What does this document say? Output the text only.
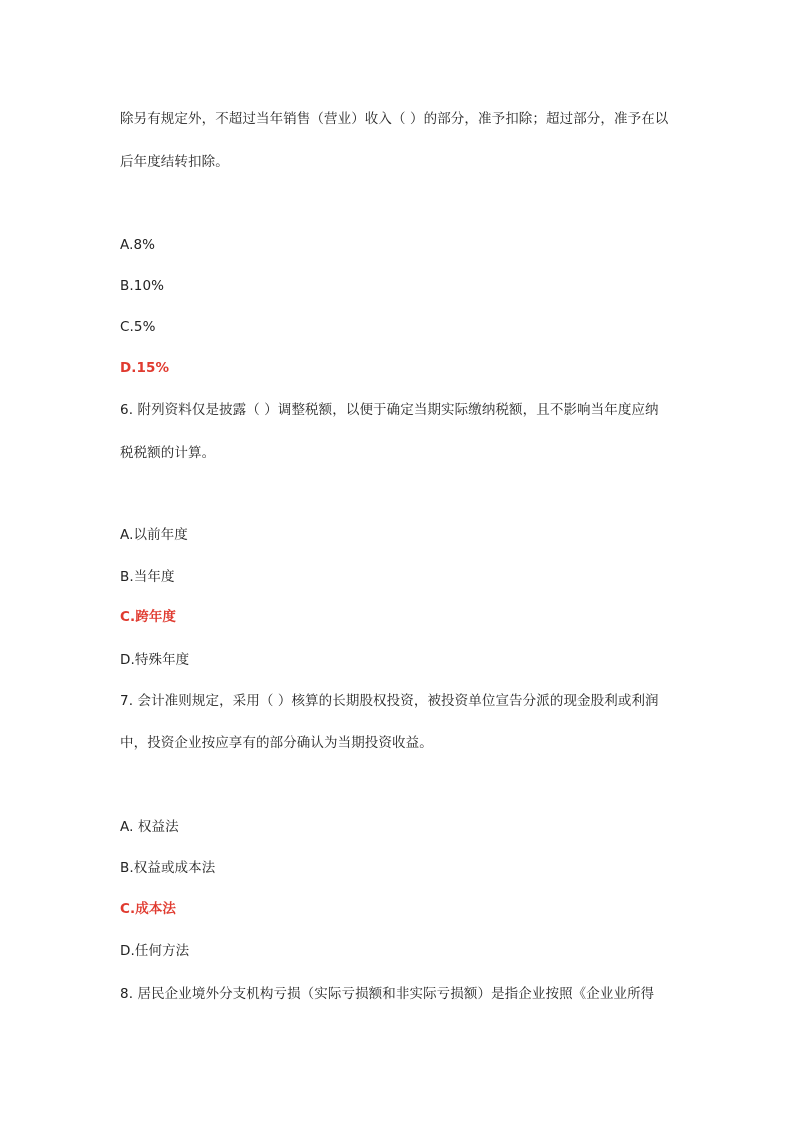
除另有规定外，不超过当年销售（营业）收入（ ）的部分，准予扣除；超过部分，准予在以
后年度结转扣除。
A.8%
B.10%
C.5%
D.15%
6. 附列资料仅是披露（ ）调整税额，以便于确定当期实际缴纳税额，且不影响当年度应纳
税税额的计算。
A.以前年度
B.当年度
C.跨年度
D.特殊年度
7. 会计准则规定，采用（ ）核算的长期股权投资，被投资单位宣告分派的现金股利或利润
中，投资企业按应享有的部分确认为当期投资收益。
A. 权益法
B.权益或成本法
C.成本法
D.任何方法
8. 居民企业境外分支机构亏损（实际亏损额和非实际亏损额）是指企业按照《企业业所得
